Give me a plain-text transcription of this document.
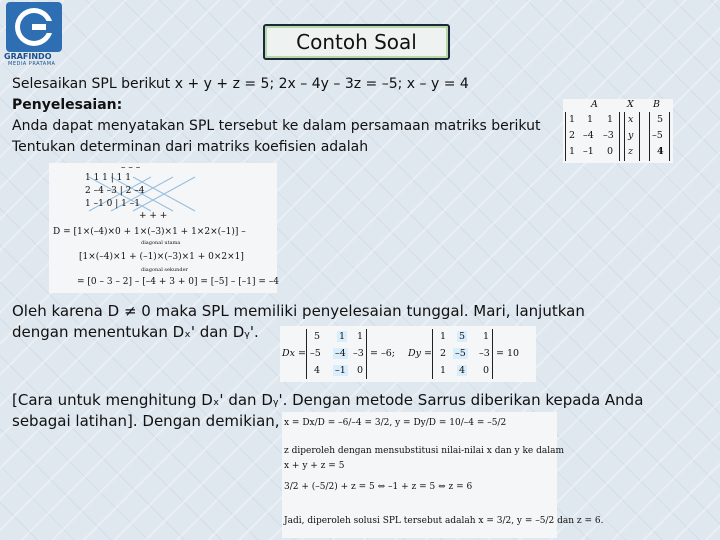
GRAFINDO
MEDIA PRATAMA
Contoh Soal
Selesaikan SPL berikut x + y + z = 5; 2x – 4y – 3z = –5; x – y = 4
Penyelesaian:
Anda dapat menyatakan SPL tersebut ke dalam persamaan matriks berikut
Tentukan determinan dari matriks koefisien adalah
A	X B
1 1 1 x 5
2 –4 –3 y –5
1 –1 0 z	4
– – –
1 1 1 | 1 1
2 –4 –3 | 2 –4
1 –1 0 | 1 –1
+ + +
D = [1×(–4)×0 + 1×(–3)×1 + 1×2×(–1)] –
diagonal utama
[1×(–4)×1 + (–1)×(–3)×1 + 0×2×1]
diagonal sekunder
= [0 – 3 – 2] – [–4 + 3 + 0] = [–5] – [–1] = –4
Oleh karena D ≠ 0 maka SPL memiliki penyelesaian tunggal. Mari, lanjutkan
dengan menentukan Dₓ' dan Dᵧ'.
Dx =
5 1 1
–5 –4 –3
4 –1 0
= –6; Dy =
1 5 1
2 –5 –3
1 4 0
= 10
[Cara untuk menghitung Dₓ' dan Dᵧ'. Dengan metode Sarrus diberikan kepada Anda
sebagai latihan]. Dengan demikian, x = Dx/D = –6/–4 = 3/2, y = Dy/D = 10/–4 = –5/2
z diperoleh dengan mensubstitusi nilai-nilai x dan y ke dalam
x + y + z = 5
3/2 + (–5/2) + z = 5 ⇔ –1 + z = 5 ⇔ z = 6
Jadi, diperoleh solusi SPL tersebut adalah x = 3/2, y = –5/2 dan z = 6.
